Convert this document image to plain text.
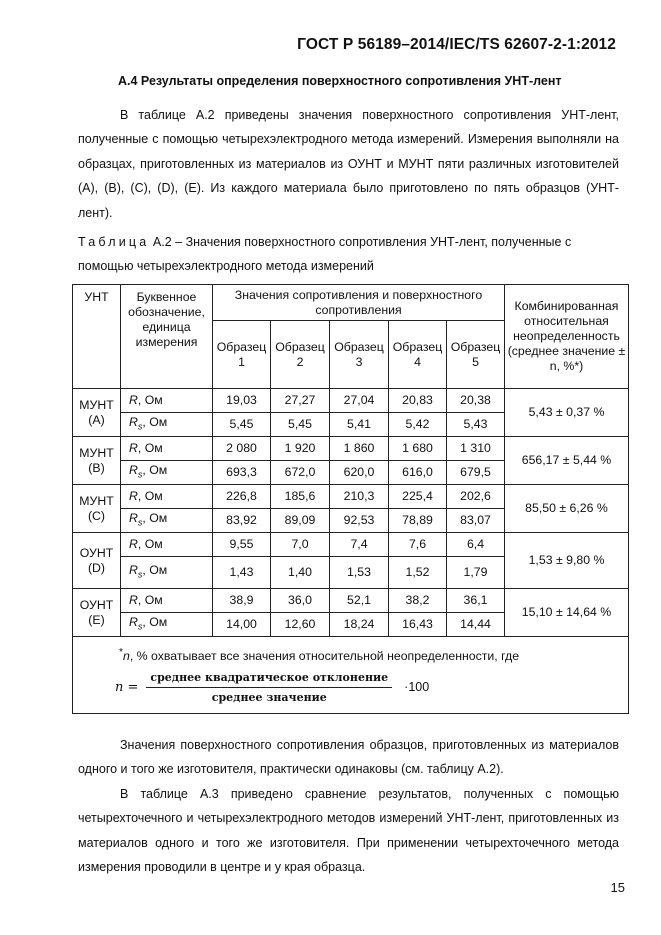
ГОСТ Р 56189–2014/IEC/TS 62607-2-1:2012
А.4 Результаты определения поверхностного сопротивления УНТ-лент

В таблице А.2 приведены значения поверхностного сопротивления УНТ-лент, полученные с помощью четырехэлектродного метода измерений. Измерения выполняли на образцах, приготовленных из материалов из ОУНТ и МУНТ пяти различных изготовителей (А), (В), (С), (D), (Е). Из каждого материала было приготовлено по пять образцов (УНТ-лент).

Таблица А.2 – Значения поверхностного сопротивления УНТ-лент, полученные с помощью четырехэлектродного метода измерений
УНТ	Буквенное обозначение, единица измерения	Значения сопротивления и поверхностного сопротивления					Комбинированная относительная неопределенность (среднее значение ± n, %*)
		Образец 1	Образец 2	Образец 3	Образец 4	Образец 5	
МУНТ (А)	R, Ом	19,03	27,27	27,04	20,83	20,38	5,43 ± 0,37 %
	$R_s$, Ом	5,45	5,45	5,41	5,42	5,43	
МУНТ (В)	R, Ом	2 080	1 920	1 860	1 680	1 310	656,17 ± 5,44 %
	$R_s$, Ом	693,3	672,0	620,0	616,0	679,5	
МУНТ (С)	R, Ом	226,8	185,6	210,3	225,4	202,6	85,50 ± 6,26 %
	$R_s$, Ом	83,92	89,09	92,53	78,89	83,07	
ОУНТ (D)	R, Ом	9,55	7,0	7,4	7,6	6,4	1,53 ± 9,80 %
	$R_s$, Ом	1,43	1,40	1,53	1,52	1,79	
ОУНТ (Е)	R, Ом	38,9	36,0	52,1	38,2	36,1	15,10 ± 14,64 %
	$R_s$, Ом	14,00	12,60	18,24	16,43	14,44	

*n, % охватывает все значения относительной неопределенности, где
$n = \frac{\text{среднее квадратическое отклонение}}{\text{среднее значение}} \cdot 100$							

Значения поверхностного сопротивления образцов, приготовленных из материалов одного и того же изготовителя, практически одинаковы (см. таблицу А.2).

В таблице А.3 приведено сравнение результатов, полученных с помощью четырехточечного и четырехэлектродного методов измерений УНТ-лент, приготовленных из материалов одного и того же изготовителя. При применении четырехточечного метода измерения проводили в центре и у края образца.

15
